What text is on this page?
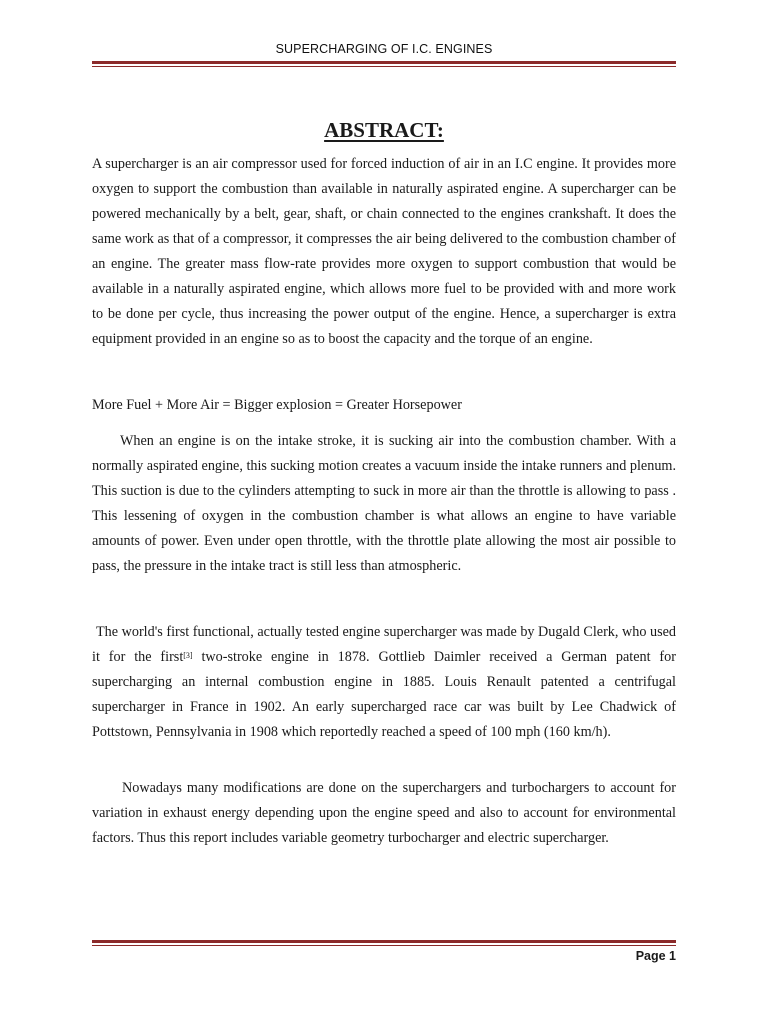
SUPERCHARGING OF I.C. ENGINES
ABSTRACT:

A supercharger is an air compressor used for forced induction of air in an I.C engine. It provides more oxygen to support the combustion than available in naturally aspirated engine. A supercharger can be powered mechanically by a belt, gear, shaft, or chain connected to the engines crankshaft. It does the same work as that of a compressor, it compresses the air being delivered to the combustion chamber of an engine. The greater mass flow-rate provides more oxygen to support combustion that would be available in a naturally aspirated engine, which allows more fuel to be provided with and more work to be done per cycle, thus increasing the power output of the engine. Hence, a supercharger is extra equipment provided in an engine so as to boost the capacity and the torque of an engine.

More Fuel + More Air = Bigger explosion = Greater Horsepower

When an engine is on the intake stroke, it is sucking air into the combustion chamber. With a normally aspirated engine, this sucking motion creates a vacuum inside the intake runners and plenum. This suction is due to the cylinders attempting to suck in more air than the throttle is allowing to pass . This lessening of oxygen in the combustion chamber is what allows an engine to have variable amounts of power. Even under open throttle, with the throttle plate allowing the most air possible to pass, the pressure in the intake tract is still less than atmospheric.

The world's first functional, actually tested engine supercharger was made by Dugald Clerk, who used it for the first[3] two-stroke engine in 1878. Gottlieb Daimler received a German patent for supercharging an internal combustion engine in 1885. Louis Renault patented a centrifugal supercharger in France in 1902. An early supercharged race car was built by Lee Chadwick of Pottstown, Pennsylvania in 1908 which reportedly reached a speed of 100 mph (160 km/h).

Nowadays many modifications are done on the superchargers and turbochargers to account for variation in exhaust energy depending upon the engine speed and also to account for environmental factors. Thus this report includes variable geometry turbocharger and electric supercharger.

Page 1
